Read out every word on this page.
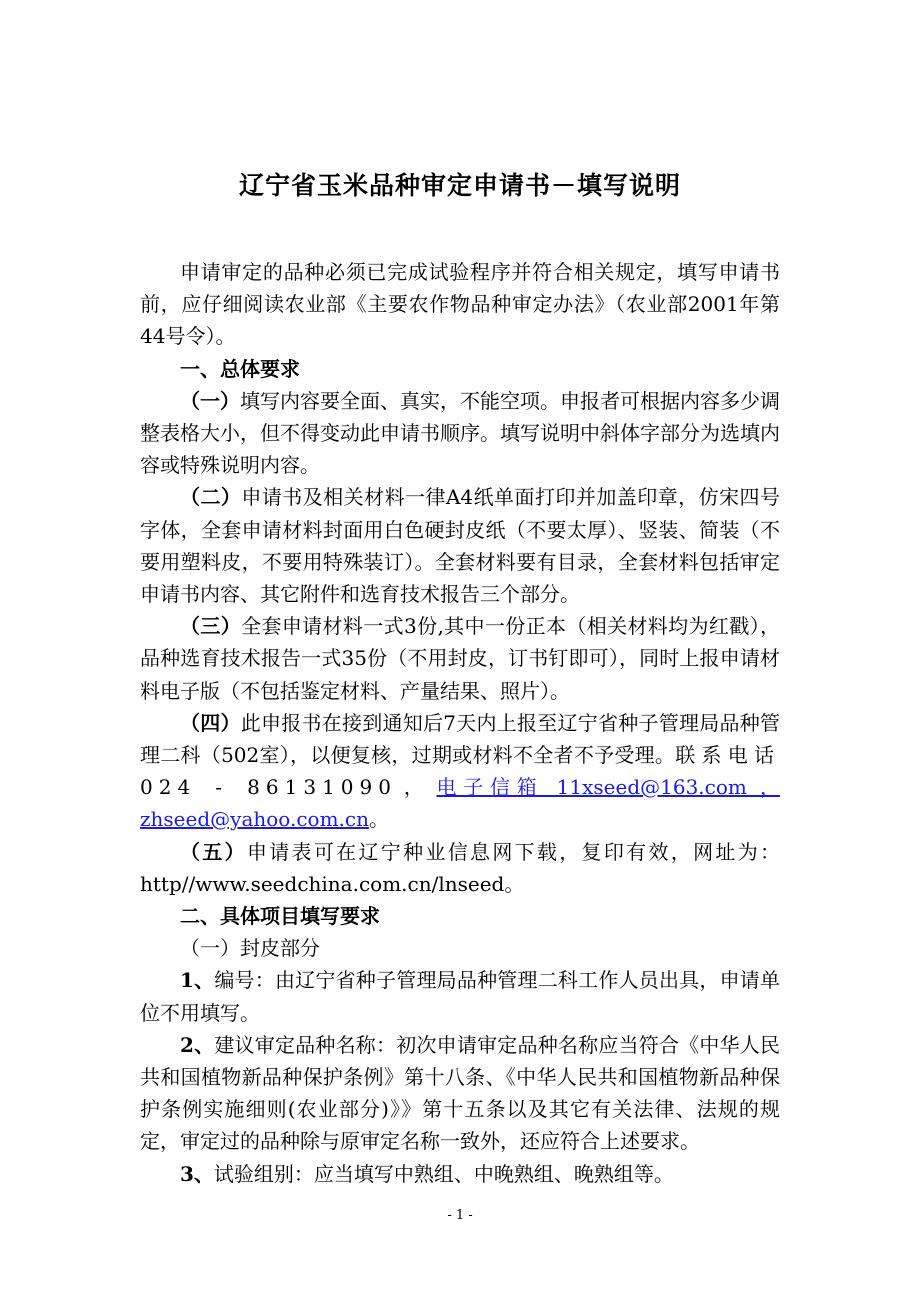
辽宁省玉米品种审定申请书－填写说明

申请审定的品种必须已完成试验程序并符合相关规定，填写申请书前，应仔细阅读农业部《主要农作物品种审定办法》（农业部2001年第44号令）。

一、总体要求

（一）填写内容要全面、真实，不能空项。申报者可根据内容多少调整表格大小，但不得变动此申请书顺序。填写说明中斜体字部分为选填内容或特殊说明内容。

（二）申请书及相关材料一律A4纸单面打印并加盖印章，仿宋四号字体，全套申请材料封面用白色硬封皮纸（不要太厚）、竖装、简装（不要用塑料皮，不要用特殊装订）。全套材料要有目录，全套材料包括审定申请书内容、其它附件和选育技术报告三个部分。

（三）全套申请材料一式3份,其中一份正本（相关材料均为红戳），品种选育技术报告一式35份（不用封皮，订书钉即可），同时上报申请材料电子版（不包括鉴定材料、产量结果、照片）。

（四）此申报书在接到通知后7天内上报至辽宁省种子管理局品种管理二科（502室），以便复核，过期或材料不全者不予受理。联系电话 024 - 86131090，电子信箱 11xseed@163.com ，zhseed@yahoo.com.cn。

（五）申请表可在辽宁种业信息网下载，复印有效，网址为：http//www.seedchina.com.cn/lnseed。

二、具体项目填写要求

（一）封皮部分

1、编号：由辽宁省种子管理局品种管理二科工作人员出具，申请单位不用填写。

2、建议审定品种名称：初次申请审定品种名称应当符合《中华人民共和国植物新品种保护条例》第十八条、《中华人民共和国植物新品种保护条例实施细则(农业部分)》》第十五条以及其它有关法律、法规的规定，审定过的品种除与原审定名称一致外，还应符合上述要求。

3、试验组别：应当填写中熟组、中晚熟组、晚熟组等。

- 1 -
